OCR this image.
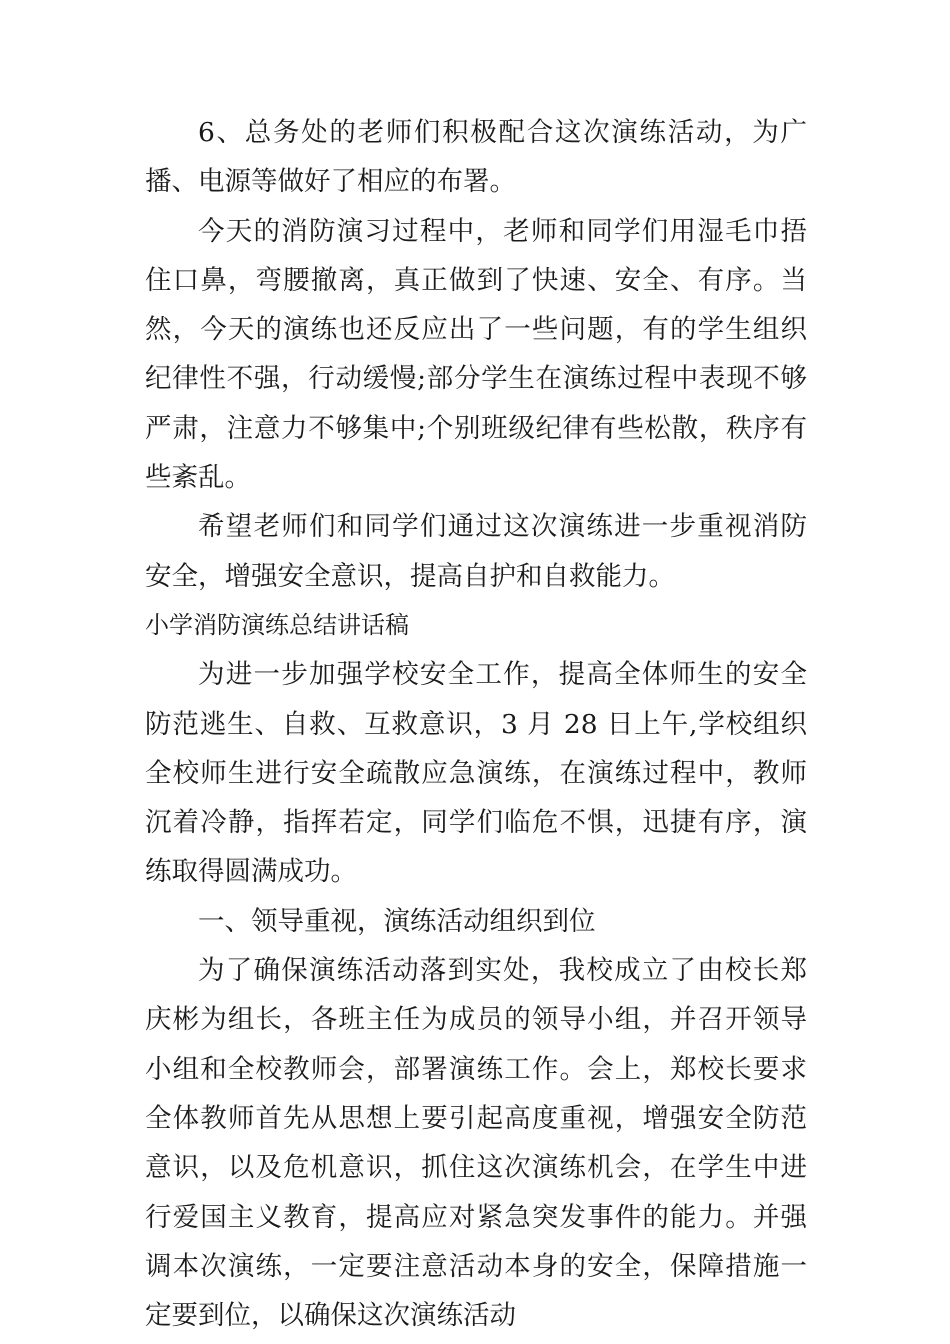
6、总务处的老师们积极配合这次演练活动，为广播、电源等做好了相应的布署。

今天的消防演习过程中，老师和同学们用湿毛巾捂住口鼻，弯腰撤离，真正做到了快速、安全、有序。当然，今天的演练也还反应出了一些问题，有的学生组织纪律性不强，行动缓慢;部分学生在演练过程中表现不够严肃，注意力不够集中;个别班级纪律有些松散，秩序有些紊乱。

希望老师们和同学们通过这次演练进一步重视消防安全，增强安全意识，提高自护和自救能力。

小学消防演练总结讲话稿

为进一步加强学校安全工作，提高全体师生的安全防范逃生、自救、互救意识，3 月 28 日上午,学校组织全校师生进行安全疏散应急演练，在演练过程中，教师沉着冷静，指挥若定，同学们临危不惧，迅捷有序，演练取得圆满成功。

一、领导重视，演练活动组织到位

为了确保演练活动落到实处，我校成立了由校长郑庆彬为组长，各班主任为成员的领导小组，并召开领导小组和全校教师会，部署演练工作。会上，郑校长要求全体教师首先从思想上要引起高度重视，增强安全防范意识，以及危机意识，抓住这次演练机会，在学生中进行爱国主义教育，提高应对紧急突发事件的能力。并强调本次演练，一定要注意活动本身的安全，保障措施一定要到位，以确保这次演练活动
